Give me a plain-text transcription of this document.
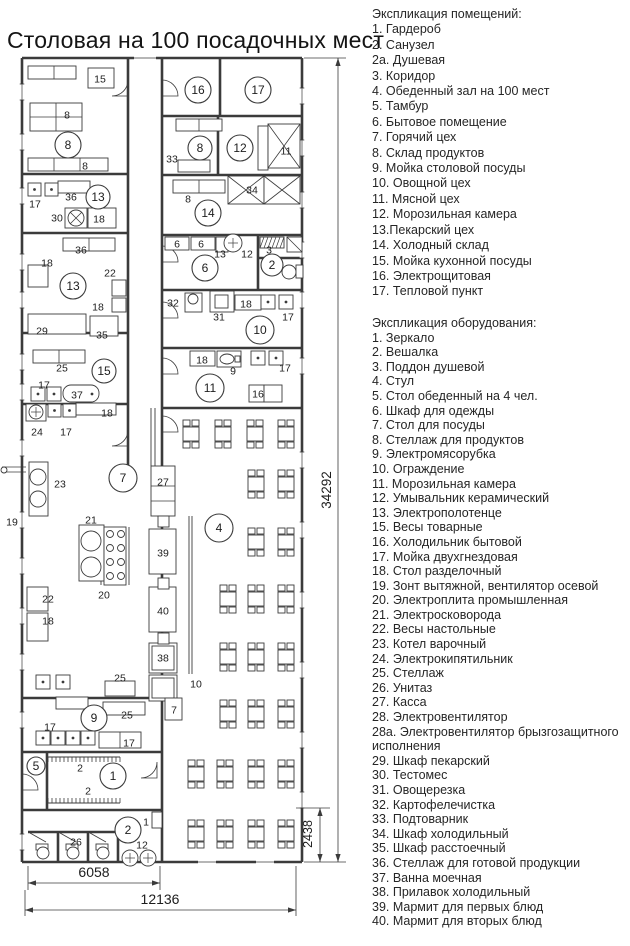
Столовая на 100 посадочных мест
8
13
13
15
7
9
5
1
2
16	17
8 12
14
6	2
10
11
4
15
8
8
17
36
30	18
36
18
22
18
29	35
25
17
37
24 17
18
23
19	21
20
22
18
25
27
39
40
38
10
7
25
17
17
2
2
1
26	12
33
11
8
34
6 6
13 12 3
32
31
18
17
18
9	17
16
34292
2438
6058
12136

Экспликация помещений:

1. Гардероб
2. Санузел
2а. Душевая
3. Коридор
4. Обеденный зал на 100 мест
5. Тамбур
6. Бытовое помещение
7. Горячий цех
8. Склад продуктов
9. Мойка столовой посуды
10. Овощной цех
11. Мясной цех
12. Морозильная камера
13.Пекарский цех
14. Холодный склад
15. Мойка кухонной посуды
16. Электрощитовая
17. Тепловой пункт

Экспликация оборудования:

1. Зеркало
2. Вешалка
3. Поддон душевой
4. Стул
5. Стол обеденный на 4 чел.
6. Шкаф для одежды
7. Стол для посуды
8. Стеллаж для продуктов
9. Электромясорубка
10. Ограждение
11. Морозильная камера
12. Умывальник керамический
13. Электрополотенце
15. Весы товарные
16. Холодильник бытовой
17. Мойка двухгнездовая
18. Стол разделочный
19. Зонт вытяжной, вентилятор осевой
20. Электроплита промышленная
21. Электросковорода
22. Весы настольные
23. Котел варочный
24. Электрокипятильник
25. Стеллаж
26. Унитаз
27. Касса
28. Электровентилятор
28а. Электровентилятор брызгозащитного исполнения
29. Шкаф пекарский
30. Тестомес
31. Овощерезка
32. Картофелечистка
33. Подтоварник
34. Шкаф холодильный
35. Шкаф расстоечный
36. Стеллаж для готовой продукции
37. Ванна моечная
38. Прилавок холодильный
39. Мармит для первых блюд
40. Мармит для вторых блюд
